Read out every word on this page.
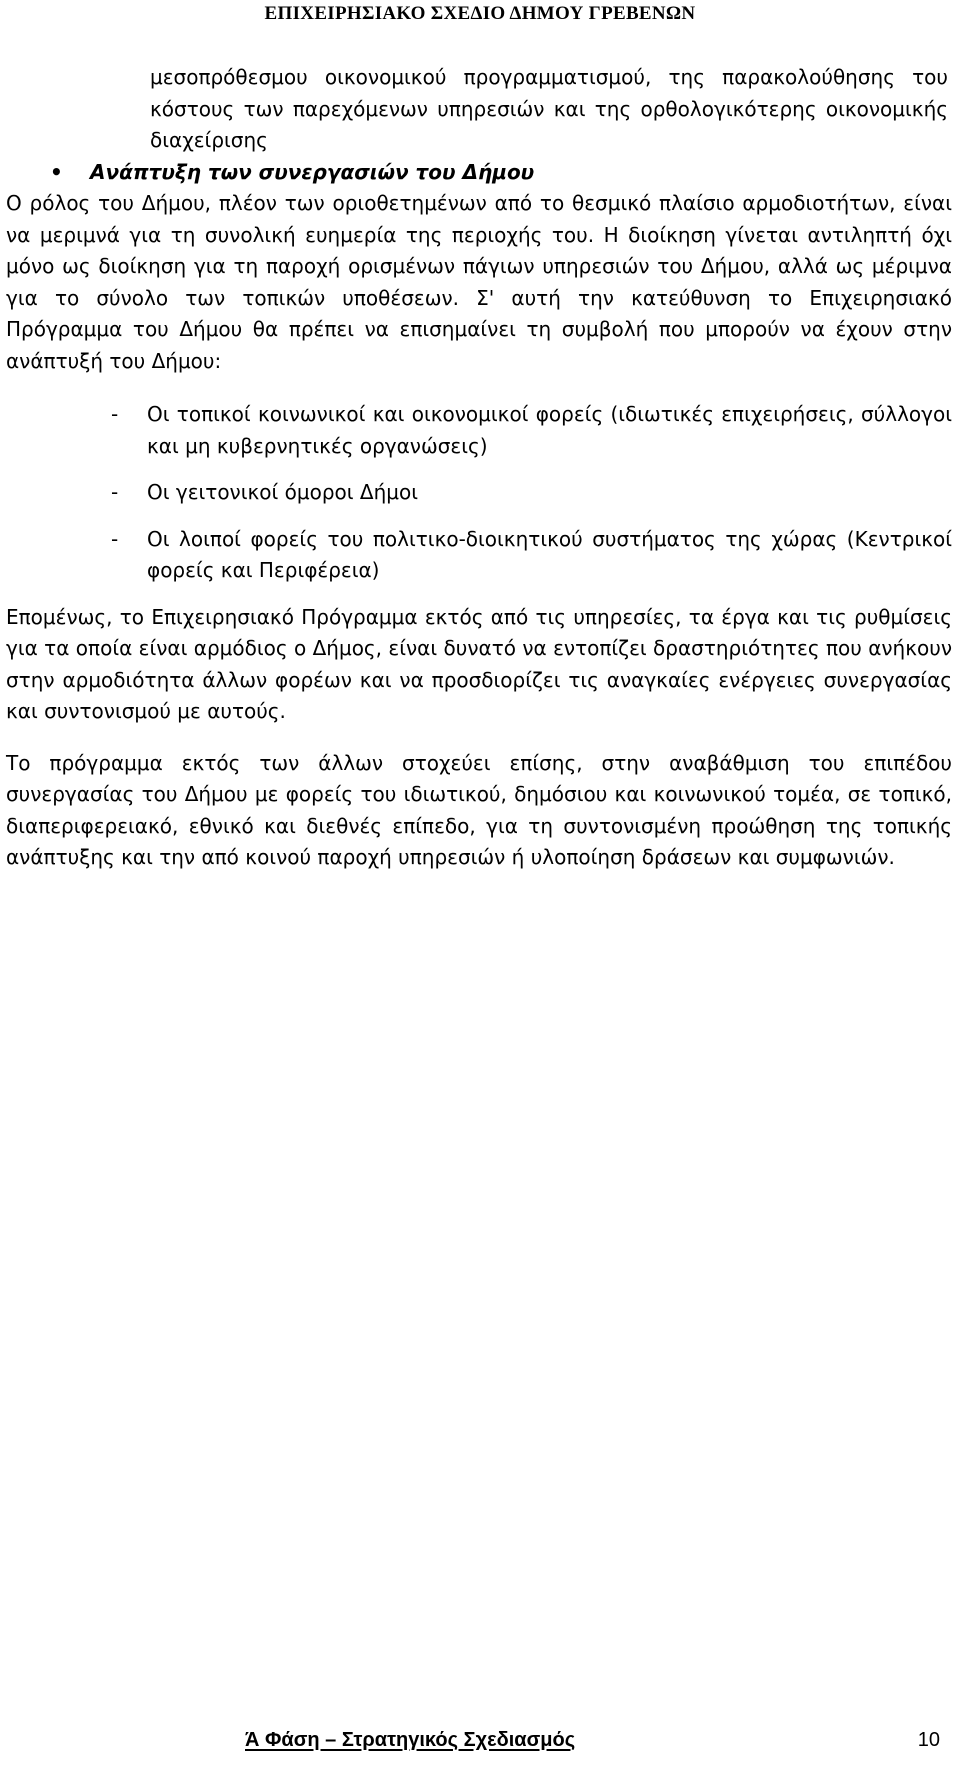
ΕΠΙΧΕΙΡΗΣΙΑΚΟ ΣΧΕΔΙΟ ΔΗΜΟΥ ΓΡΕΒΕΝΩΝ
μεσοπρόθεσμου οικονομικού προγραμματισμού, της παρακολούθησης του κόστους των παρεχόμενων υπηρεσιών και της ορθολογικότερης οικονομικής διαχείρισης
• Ανάπτυξη των συνεργασιών του Δήμου

Ο ρόλος του Δήμου, πλέον των οριοθετημένων από το θεσμικό πλαίσιο αρμοδιοτήτων, είναι να μεριμνά για τη συνολική ευημερία της περιοχής του. Η διοίκηση γίνεται αντιληπτή όχι μόνο ως διοίκηση για τη παροχή ορισμένων πάγιων υπηρεσιών του Δήμου, αλλά ως μέριμνα για το σύνολο των τοπικών υποθέσεων. Σ' αυτή την κατεύθυνση το Επιχειρησιακό Πρόγραμμα του Δήμου θα πρέπει να επισημαίνει τη συμβολή που μπορούν να έχουν στην ανάπτυξή του Δήμου:

- Οι τοπικοί κοινωνικοί και οικονομικοί φορείς (ιδιωτικές επιχειρήσεις, σύλλογοι και μη κυβερνητικές οργανώσεις)
- Οι γειτονικοί όμοροι Δήμοι
- Οι λοιποί φορείς του πολιτικο-διοικητικού συστήματος της χώρας (Κεντρικοί φορείς και Περιφέρεια)

Επομένως, το Επιχειρησιακό Πρόγραμμα εκτός από τις υπηρεσίες, τα έργα και τις ρυθμίσεις για τα οποία είναι αρμόδιος ο Δήμος, είναι δυνατό να εντοπίζει δραστηριότητες που ανήκουν στην αρμοδιότητα άλλων φορέων και να προσδιορίζει τις αναγκαίες ενέργειες συνεργασίας και συντονισμού με αυτούς.

Το πρόγραμμα εκτός των άλλων στοχεύει επίσης, στην αναβάθμιση του επιπέδου συνεργασίας του Δήμου με φορείς του ιδιωτικού, δημόσιου και κοινωνικού τομέα, σε τοπικό, διαπεριφερειακό, εθνικό και διεθνές επίπεδο, για τη συντονισμένη προώθηση της τοπικής ανάπτυξης και την από κοινού παροχή υπηρεσιών ή υλοποίηση δράσεων και συμφωνιών.

Ά Φάση – Στρατηγικός Σχεδιασμός	10
